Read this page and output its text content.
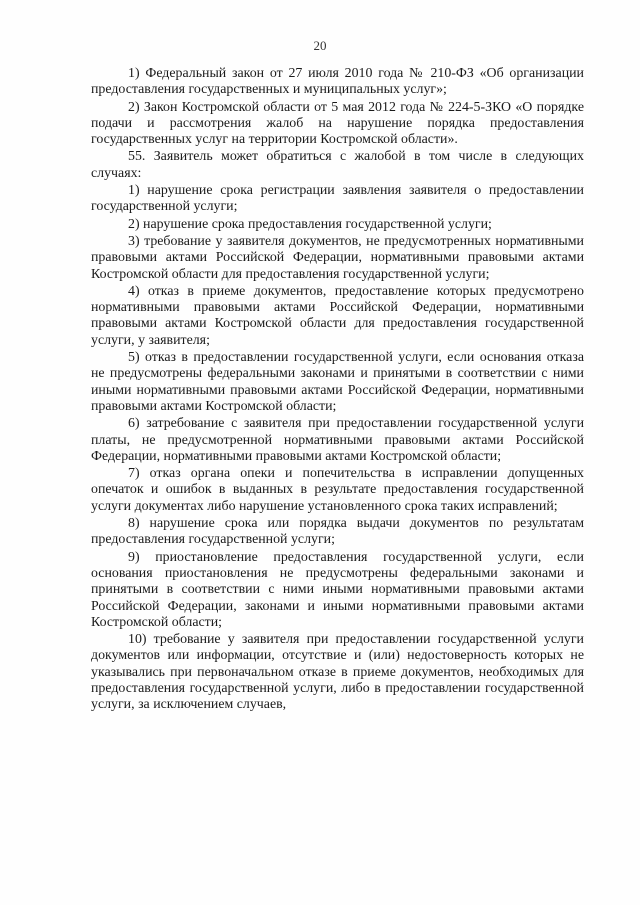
20

1) Федеральный закон от 27 июля 2010 года № 210-ФЗ «Об организации предоставления государственных и муниципальных услуг»;

2) Закон Костромской области от 5 мая 2012 года № 224-5-ЗКО «О порядке подачи и рассмотрения жалоб на нарушение порядка предоставления государственных услуг на территории Костромской области».

55. Заявитель может обратиться с жалобой в том числе в следующих случаях:

1) нарушение срока регистрации заявления заявителя о предоставлении государственной услуги;

2) нарушение срока предоставления государственной услуги;

3) требование у заявителя документов, не предусмотренных нормативными правовыми актами Российской Федерации, нормативными правовыми актами Костромской области для предоставления государственной услуги;

4) отказ в приеме документов, предоставление которых предусмотрено нормативными правовыми актами Российской Федерации, нормативными правовыми актами Костромской области для предоставления государственной услуги, у заявителя;

5) отказ в предоставлении государственной услуги, если основания отказа не предусмотрены федеральными законами и принятыми в соответствии с ними иными нормативными правовыми актами Российской Федерации, нормативными правовыми актами Костромской области;

6) затребование с заявителя при предоставлении государственной услуги платы, не предусмотренной нормативными правовыми актами Российской Федерации, нормативными правовыми актами Костромской области;

7) отказ органа опеки и попечительства в исправлении допущенных опечаток и ошибок в выданных в результате предоставления государственной услуги документах либо нарушение установленного срока таких исправлений;

8) нарушение срока или порядка выдачи документов по результатам предоставления государственной услуги;

9) приостановление предоставления государственной услуги, если основания приостановления не предусмотрены федеральными законами и принятыми в соответствии с ними иными нормативными правовыми актами Российской Федерации, законами и иными нормативными правовыми актами Костромской области;

10) требование у заявителя при предоставлении государственной услуги документов или информации, отсутствие и (или) недостоверность которых не указывались при первоначальном отказе в приеме документов, необходимых для предоставления государственной услуги, либо в предоставлении государственной услуги, за исключением случаев,
